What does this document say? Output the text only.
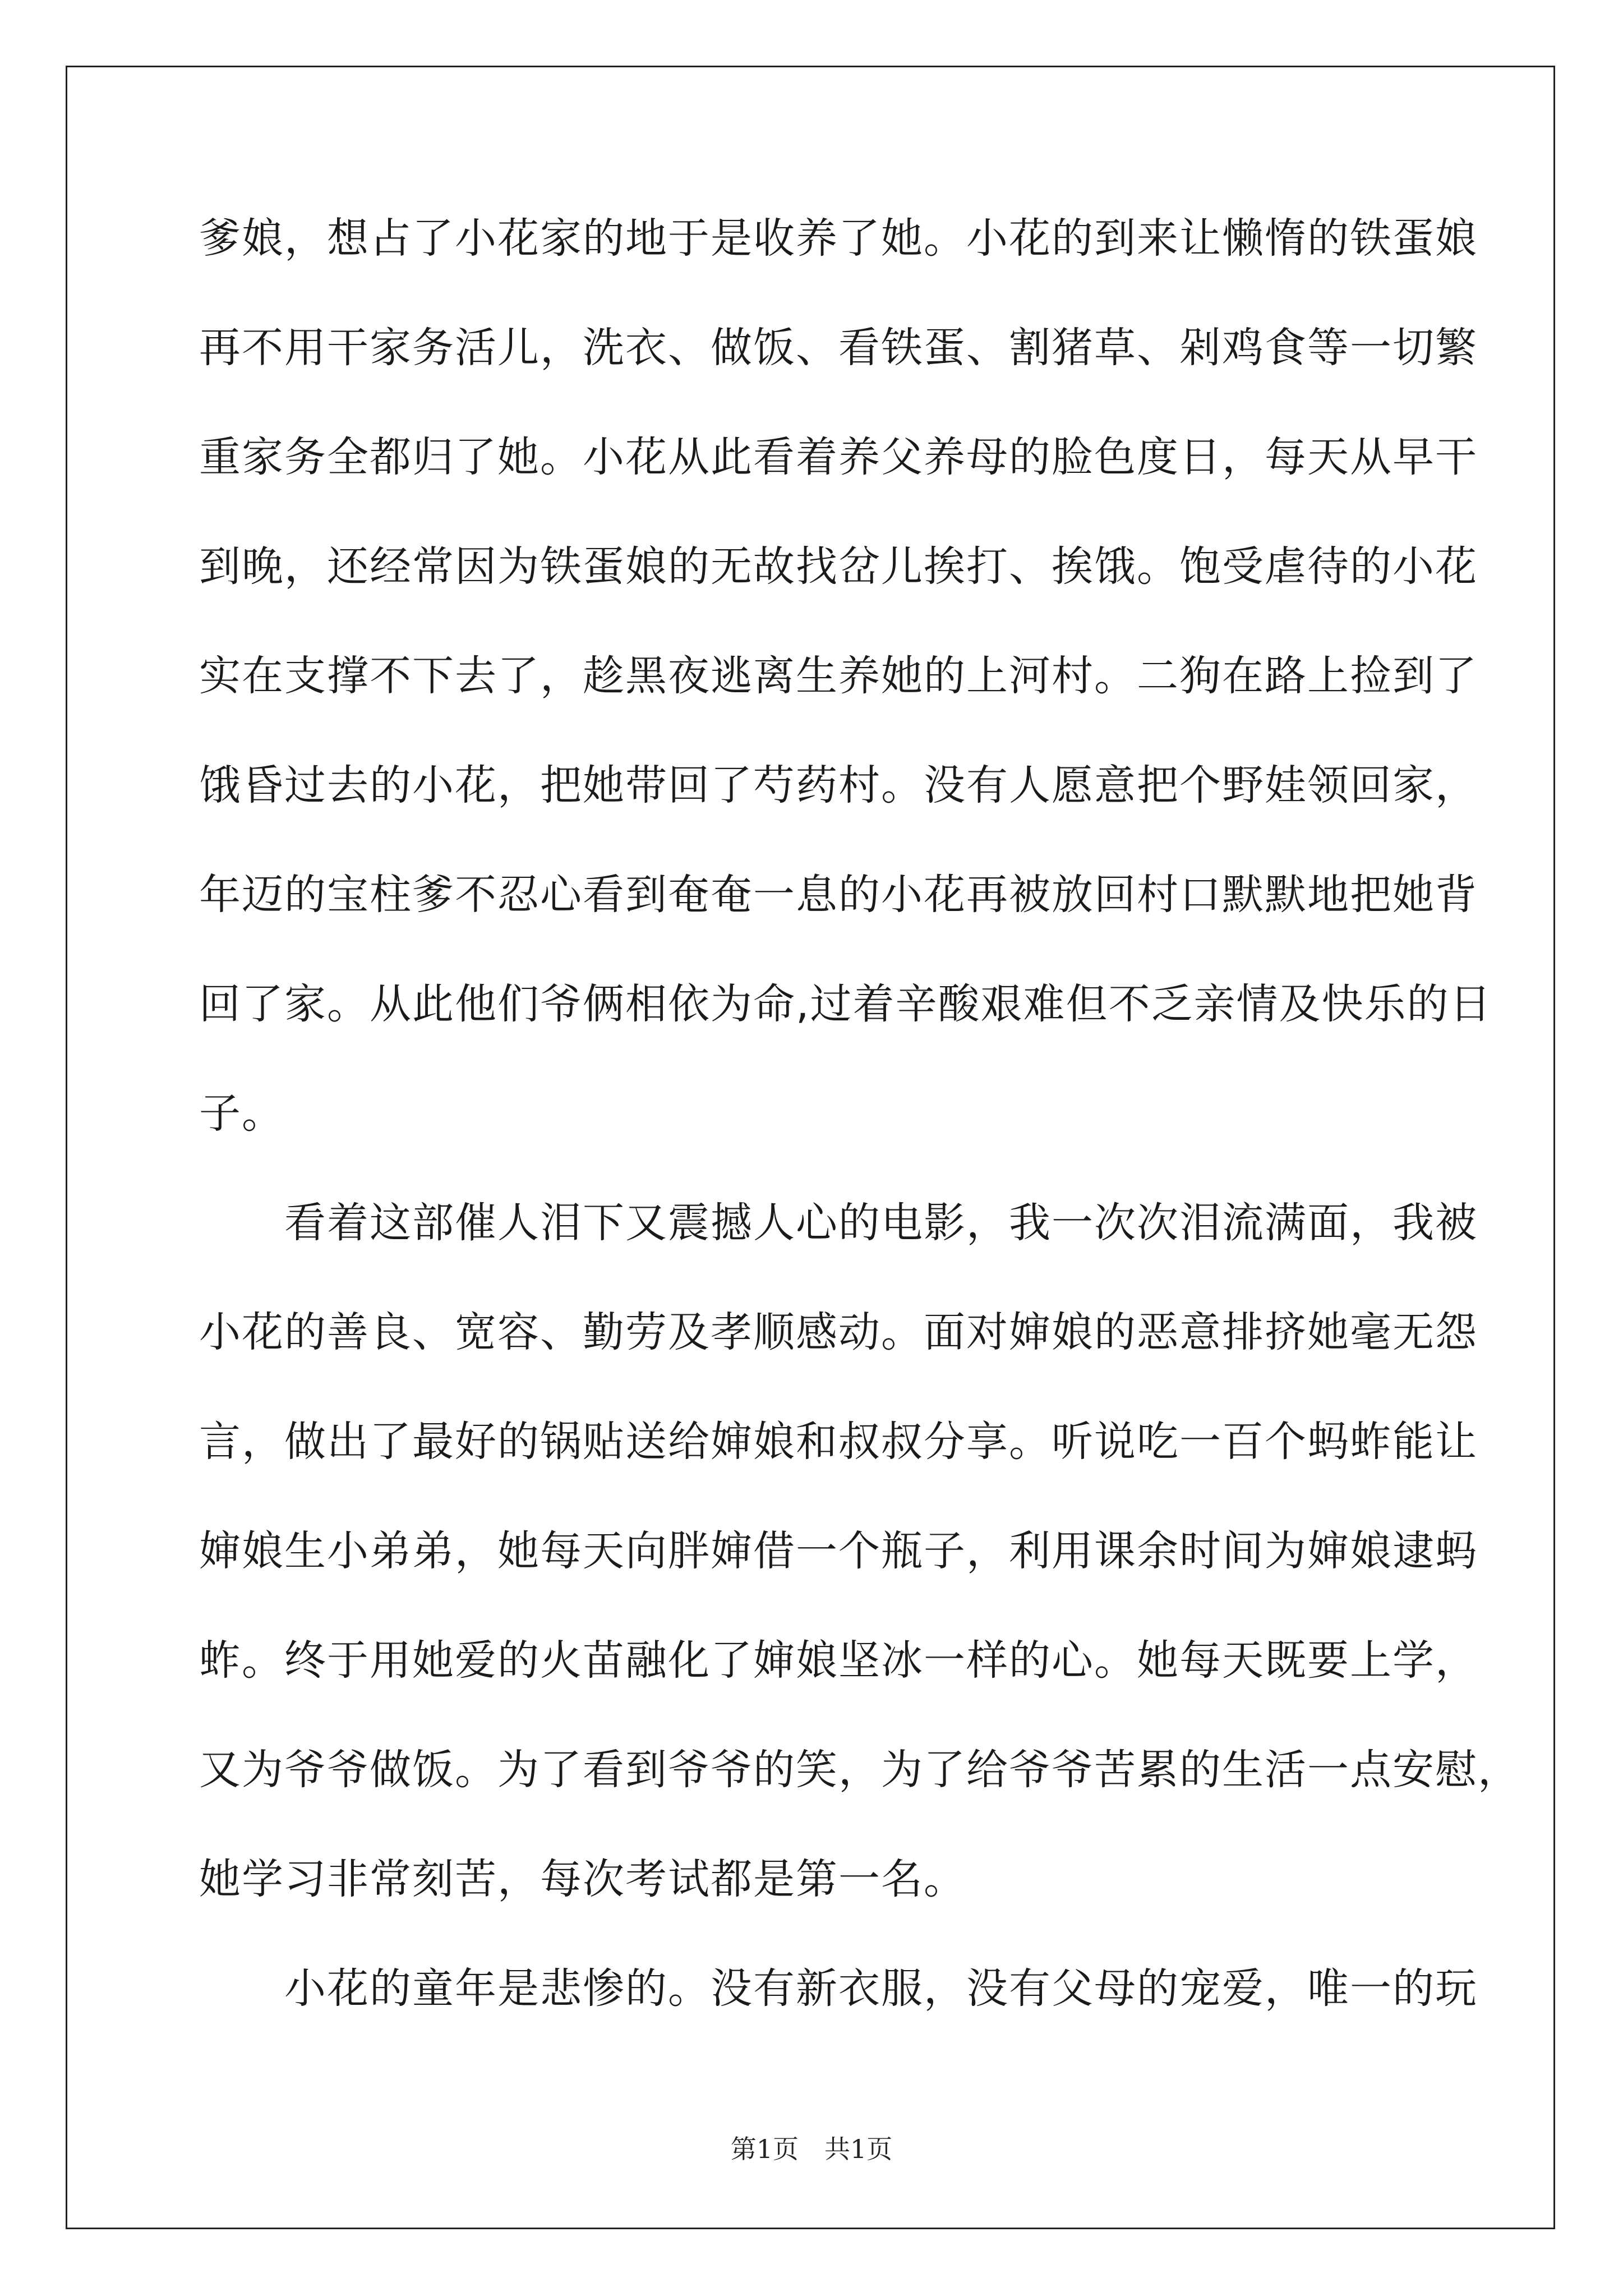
爹娘，想占了小花家的地于是收养了她。小花的到来让懒惰的铁蛋娘
再不用干家务活儿，洗衣、做饭、看铁蛋、割猪草、剁鸡食等一切繁
重家务全都归了她。小花从此看着养父养母的脸色度日，每天从早干
到晚，还经常因为铁蛋娘的无故找岔儿挨打、挨饿。饱受虐待的小花
实在支撑不下去了，趁黑夜逃离生养她的上河村。二狗在路上捡到了
饿昏过去的小花，把她带回了芍药村。没有人愿意把个野娃领回家，
年迈的宝柱爹不忍心看到奄奄一息的小花再被放回村口默默地把她背
回了家。从此他们爷俩相依为命,过着辛酸艰难但不乏亲情及快乐的日
子。
　　看着这部催人泪下又震撼人心的电影，我一次次泪流满面，我被
小花的善良、宽容、勤劳及孝顺感动。面对婶娘的恶意排挤她毫无怨
言，做出了最好的锅贴送给婶娘和叔叔分享。听说吃一百个蚂蚱能让
婶娘生小弟弟，她每天向胖婶借一个瓶子，利用课余时间为婶娘逮蚂
蚱。终于用她爱的火苗融化了婶娘坚冰一样的心。她每天既要上学，
又为爷爷做饭。为了看到爷爷的笑，为了给爷爷苦累的生活一点安慰，
她学习非常刻苦，每次考试都是第一名。
　　小花的童年是悲惨的。没有新衣服，没有父母的宠爱，唯一的玩
第1页　共1页
